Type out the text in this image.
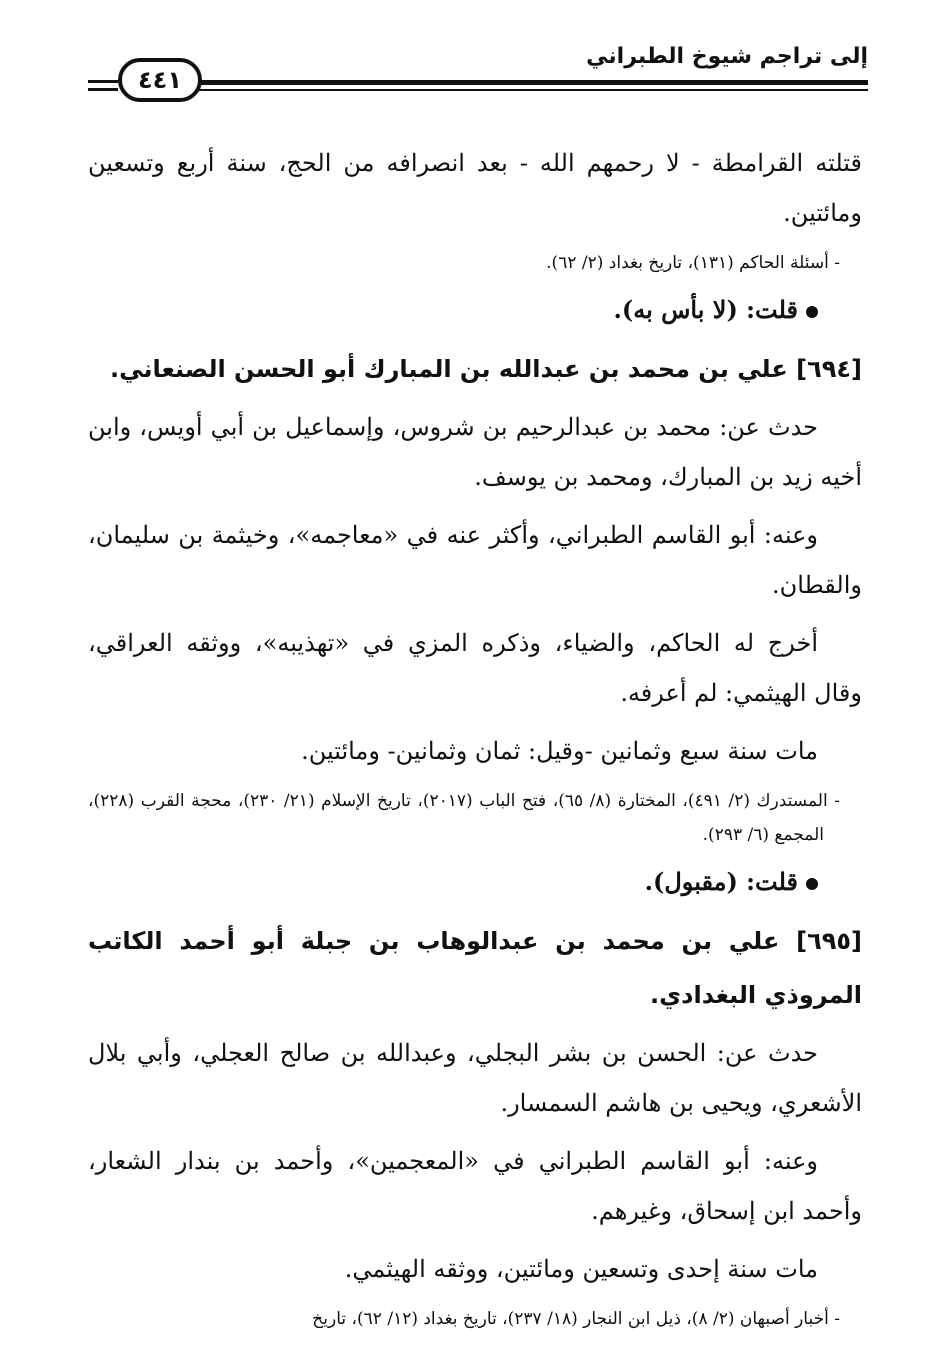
إلى تراجم شيوخ الطبراني
٤٤١

قتلته القرامطة - لا رحمهم الله - بعد انصرافه من الحج، سنة أربع وتسعين ومائتين.

- أسئلة الحاكم (١٣١)، تاريخ بغداد (٢/ ٦٢).

قلت: (لا بأس به).

[٦٩٤] علي بن محمد بن عبدالله بن المبارك أبو الحسن الصنعاني.

حدث عن: محمد بن عبدالرحيم بن شروس، وإسماعيل بن أبي أويس، وابن أخيه زيد بن المبارك، ومحمد بن يوسف.

وعنه: أبو القاسم الطبراني، وأكثر عنه في «معاجمه»، وخيثمة بن سليمان، والقطان.

أخرج له الحاكم، والضياء، وذكره المزي في «تهذيبه»، ووثقه العراقي، وقال الهيثمي: لم أعرفه.

مات سنة سبع وثمانين -وقيل: ثمان وثمانين- ومائتين.

- المستدرك (٢/ ٤٩١)، المختارة (٨/ ٦٥)، فتح الباب (٢٠١٧)، تاريخ الإسلام (٢١/ ٢٣٠)، محجة القرب (٢٢٨)، المجمع (٦/ ٢٩٣).

قلت: (مقبول).

[٦٩٥] علي بن محمد بن عبدالوهاب بن جبلة أبو أحمد الكاتب المروذي البغدادي.

حدث عن: الحسن بن بشر البجلي، وعبدالله بن صالح العجلي، وأبي بلال الأشعري، ويحيى بن هاشم السمسار.

وعنه: أبو القاسم الطبراني في «المعجمين»، وأحمد بن بندار الشعار، وأحمد ابن إسحاق، وغيرهم.

مات سنة إحدى وتسعين ومائتين، ووثقه الهيثمي.

- أخبار أصبهان (٢/ ٨)، ذيل ابن النجار (١٨/ ٢٣٧)، تاريخ بغداد (١٢/ ٦٢)، تاريخ
